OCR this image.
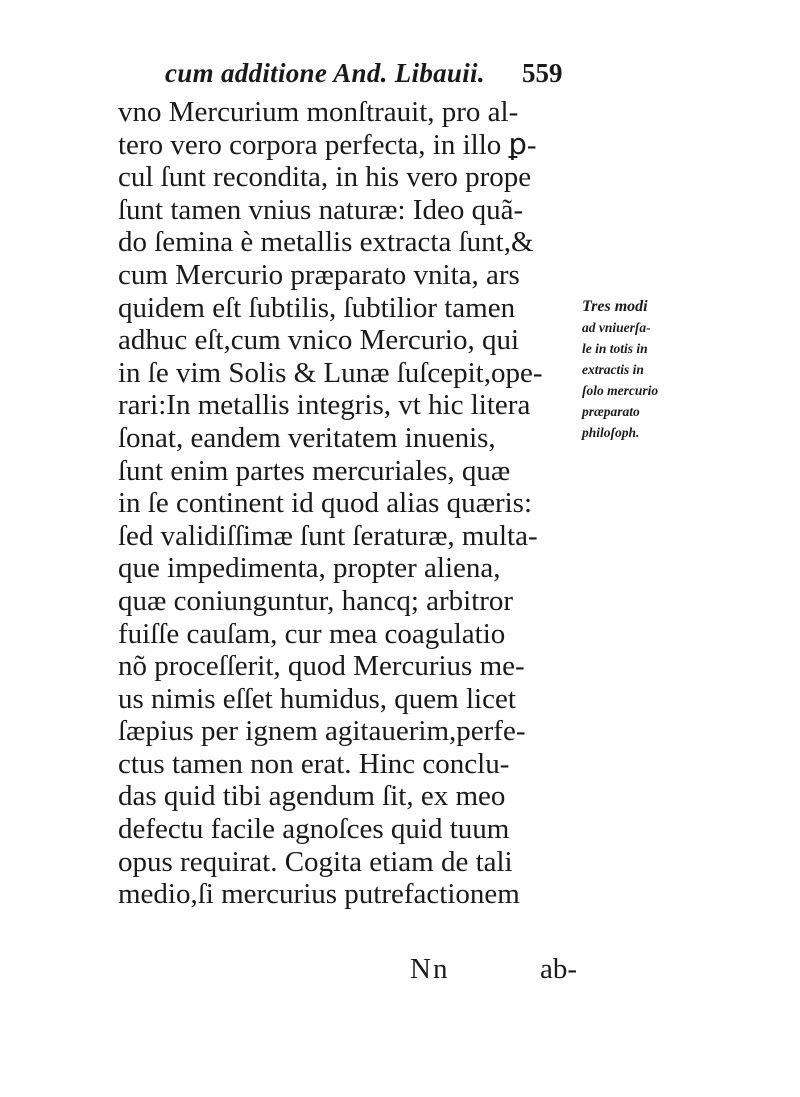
cum additione And. Libauii. 559
vno Mercurium monſtrauit, pro al-
tero vero corpora perfecta, in illo ꝑ-
cul ſunt recondita, in his vero prope
ſunt tamen vnius naturæ: Ideo quã-
do ſemina è metallis extracta ſunt,&
cum Mercurio præparato vnita, ars
quidem eſt ſubtilis, ſubtilior tamen
adhuc eſt,cum vnico Mercurio, qui
in ſe vim Solis & Lunæ ſuſcepit,ope-
rari:In metallis integris, vt hic litera
ſonat, eandem veritatem inuenis,
ſunt enim partes mercuriales, quæ
in ſe continent id quod alias quæris:
ſed validiſſimæ ſunt ſeraturæ, multa-
que impedimenta, propter aliena,
quæ coniunguntur, hancq; arbitror
fuiſſe cauſam, cur mea coagulatio
nõ proceſſerit, quod Mercurius me-
us nimis eſſet humidus, quem licet
ſæpius per ignem agitauerim,perfe-
ctus tamen non erat. Hinc conclu-
das quid tibi agendum ſit, ex meo
defectu facile agnoſces quid tuum
opus requirat. Cogita etiam de tali
medio,ſi mercurius putrefactionem
Tres modi
ad vniuerſa-
le in totis in
extractis in
ſolo mercurio
præparato
philoſoph.
Nn	ab-
